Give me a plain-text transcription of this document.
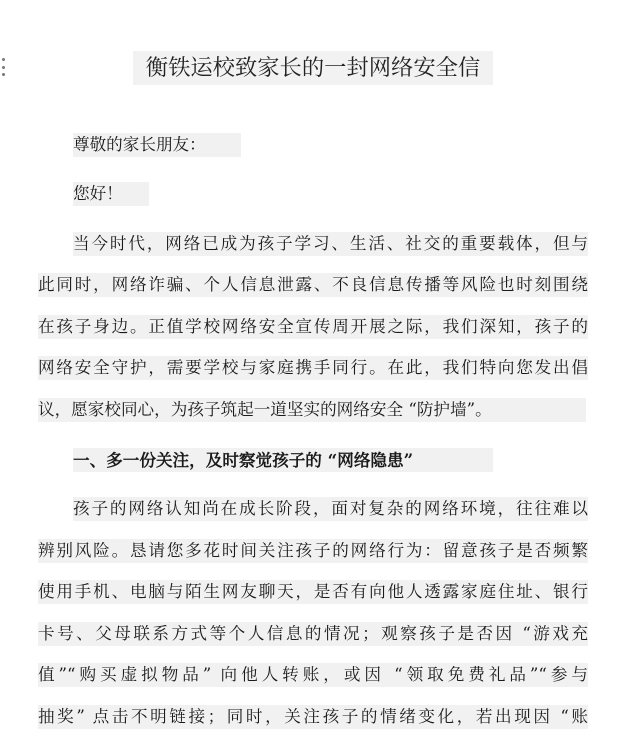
衡铁运校致家长的一封网络安全信
尊敬的家长朋友：
您好！
当今时代，网络已成为孩子学习、生活、社交的重要载体，但与
此同时，网络诈骗、个人信息泄露、不良信息传播等风险也时刻围绕
在孩子身边。正值学校网络安全宣传周开展之际，我们深知，孩子的
网络安全守护，需要学校与家庭携手同行。在此，我们特向您发出倡
议，愿家校同心，为孩子筑起一道坚实的网络安全 “防护墙”。
一、多一份关注，及时察觉孩子的 “网络隐患”
孩子的网络认知尚在成长阶段，面对复杂的网络环境，往往难以
辨别风险。恳请您多花时间关注孩子的网络行为：留意孩子是否频繁
使用手机、电脑与陌生网友聊天，是否有向他人透露家庭住址、银行
卡号、父母联系方式等个人信息的情况；观察孩子是否因 “游戏充
值”“购买虚拟物品” 向他人转账，或因 “领取免费礼品”“参与
抽奖” 点击不明链接；同时，关注孩子的情绪变化，若出现因 “账
